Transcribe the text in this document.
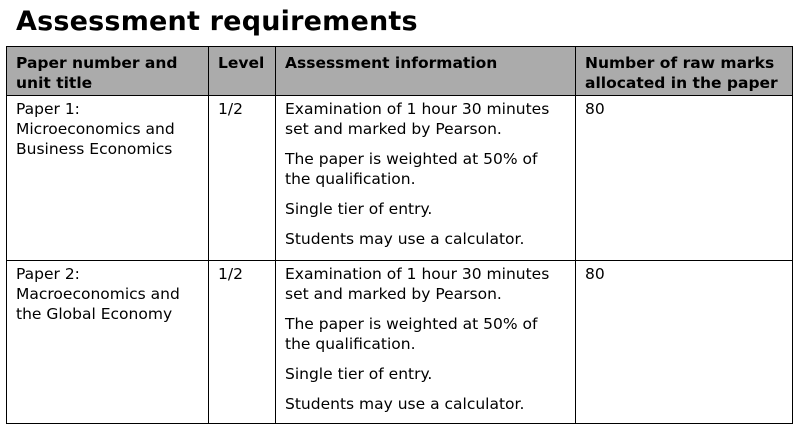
Assessment requirements
Paper number and unit title	Level	Assessment information	Number of raw marks allocated in the paper
Paper 1: Microeconomics and Business Economics	1/2	Examination of 1 hour 30 minutes set and marked by Pearson.

The paper is weighted at 50% of the qualification.

Single tier of entry.

Students may use a calculator.	80
Paper 2: Macroeconomics and the Global Economy	1/2	Examination of 1 hour 30 minutes set and marked by Pearson.

The paper is weighted at 50% of the qualification.

Single tier of entry.

Students may use a calculator.	80
